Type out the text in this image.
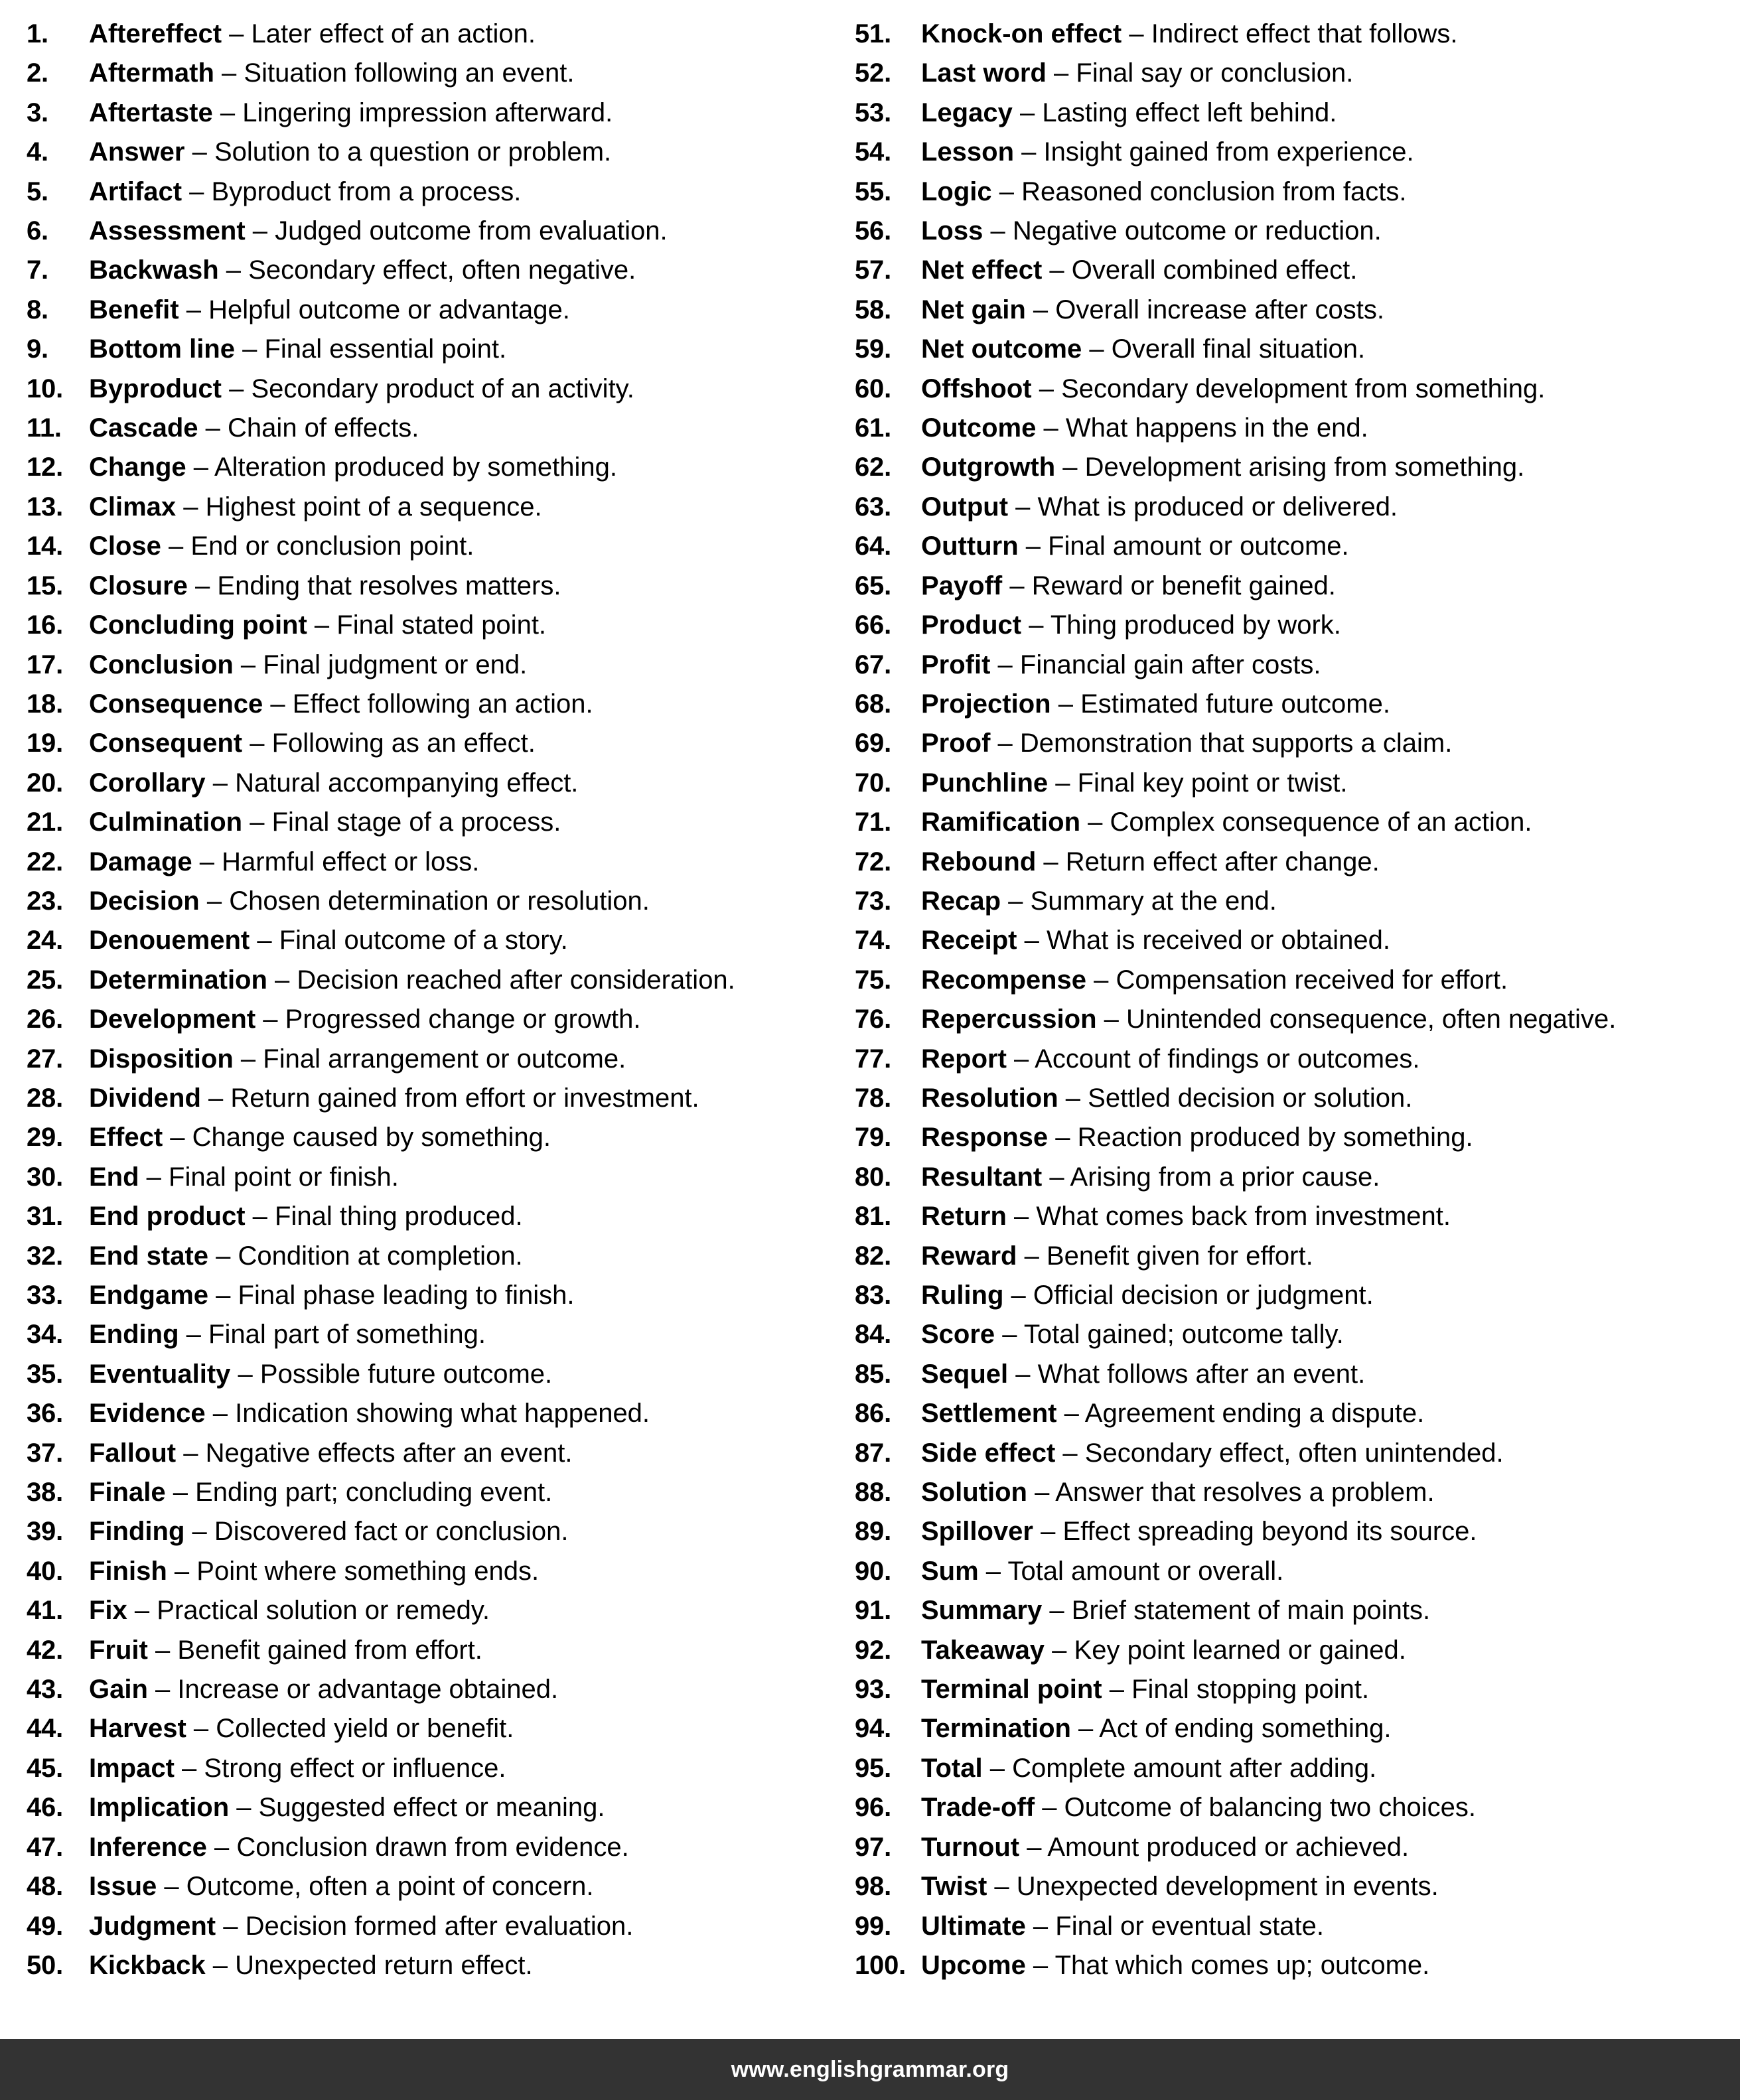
1.	Aftereffect – Later effect of an action.
2.	Aftermath – Situation following an event.
3.	Aftertaste – Lingering impression afterward.
4.	Answer – Solution to a question or problem.
5.	Artifact – Byproduct from a process.
6.	Assessment – Judged outcome from evaluation.
7.	Backwash – Secondary effect, often negative.
8.	Benefit – Helpful outcome or advantage.
9.	Bottom line – Final essential point.
10. Byproduct – Secondary product of an activity.
11.	Cascade – Chain of effects.
12. Change – Alteration produced by something.
13. Climax – Highest point of a sequence.
14. Close – End or conclusion point.
15. Closure – Ending that resolves matters.
16. Concluding point – Final stated point.
17. Conclusion – Final judgment or end.
18. Consequence – Effect following an action.
19. Consequent – Following as an effect.
20. Corollary – Natural accompanying effect.
21. Culmination – Final stage of a process.
22. Damage – Harmful effect or loss.
23. Decision – Chosen determination or resolution.
24. Denouement – Final outcome of a story.
25. Determination – Decision reached after consideration.
26. Development – Progressed change or growth.
27. Disposition – Final arrangement or outcome.
28. Dividend – Return gained from effort or investment.
29. Effect – Change caused by something.
30. End – Final point or finish.
31. End product – Final thing produced.
32. End state – Condition at completion.
33. Endgame – Final phase leading to finish.
34. Ending – Final part of something.
35. Eventuality – Possible future outcome.
36. Evidence – Indication showing what happened.
37. Fallout – Negative effects after an event.
38. Finale – Ending part; concluding event.
39. Finding – Discovered fact or conclusion.
40. Finish – Point where something ends.
41. Fix – Practical solution or remedy.
42. Fruit – Benefit gained from effort.
43. Gain – Increase or advantage obtained.
44. Harvest – Collected yield or benefit.
45. Impact – Strong effect or influence.
46. Implication – Suggested effect or meaning.
47. Inference – Conclusion drawn from evidence.
48. Issue – Outcome, often a point of concern.
49. Judgment – Decision formed after evaluation.
50. Kickback – Unexpected return effect.
51.	Knock-on effect – Indirect effect that follows.
52.	Last word – Final say or conclusion.
53.	Legacy – Lasting effect left behind.
54.	Lesson – Insight gained from experience.
55.	Logic – Reasoned conclusion from facts.
56.	Loss – Negative outcome or reduction.
57.	Net effect – Overall combined effect.
58.	Net gain – Overall increase after costs.
59.	Net outcome – Overall final situation.
60.	Offshoot – Secondary development from something.
61.	Outcome – What happens in the end.
62.	Outgrowth – Development arising from something.
63.	Output – What is produced or delivered.
64.	Outturn – Final amount or outcome.
65.	Payoff – Reward or benefit gained.
66.	Product – Thing produced by work.
67.	Profit – Financial gain after costs.
68.	Projection – Estimated future outcome.
69.	Proof – Demonstration that supports a claim.
70.	Punchline – Final key point or twist.
71.	Ramification – Complex consequence of an action.
72.	Rebound – Return effect after change.
73.	Recap – Summary at the end.
74.	Receipt – What is received or obtained.
75.	Recompense – Compensation received for effort.
76.	Repercussion – Unintended consequence, often negative.
77.	Report – Account of findings or outcomes.
78.	Resolution – Settled decision or solution.
79.	Response – Reaction produced by something.
80.	Resultant – Arising from a prior cause.
81.	Return – What comes back from investment.
82.	Reward – Benefit given for effort.
83.	Ruling – Official decision or judgment.
84.	Score – Total gained; outcome tally.
85.	Sequel – What follows after an event.
86.	Settlement – Agreement ending a dispute.
87.	Side effect – Secondary effect, often unintended.
88.	Solution – Answer that resolves a problem.
89.	Spillover – Effect spreading beyond its source.
90.	Sum – Total amount or overall.
91.	Summary – Brief statement of main points.
92.	Takeaway – Key point learned or gained.
93.	Terminal point – Final stopping point.
94.	Termination – Act of ending something.
95.	Total – Complete amount after adding.
96.	Trade-off – Outcome of balancing two choices.
97.	Turnout – Amount produced or achieved.
98.	Twist – Unexpected development in events.
99.	Ultimate – Final or eventual state.
100. Upcome – That which comes up; outcome.
www.englishgrammar.org
